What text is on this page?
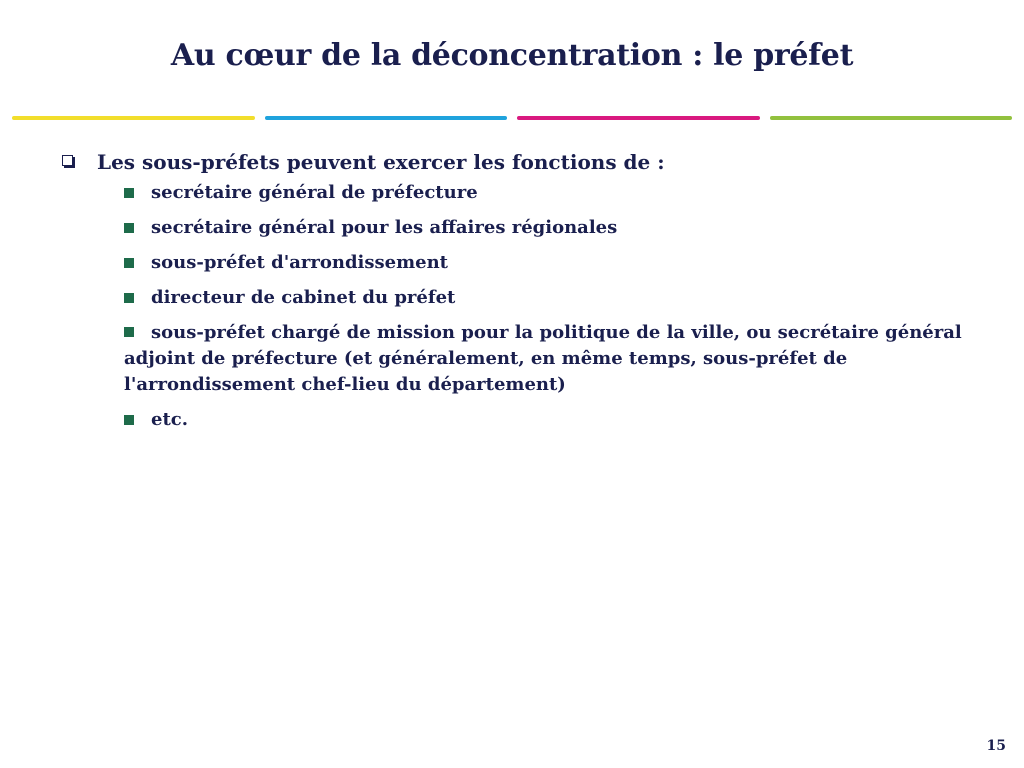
Au cœur de la déconcentration : le préfet

Les sous-préfets peuvent exercer les fonctions de :

secrétaire général de préfecture
secrétaire général pour les affaires régionales
sous-préfet d'arrondissement
directeur de cabinet du préfet
sous-préfet chargé de mission pour la politique de la ville, ou secrétaire général adjoint de préfecture (et généralement, en même temps, sous-préfet de l'arrondissement chef-lieu du département)
etc.
15
